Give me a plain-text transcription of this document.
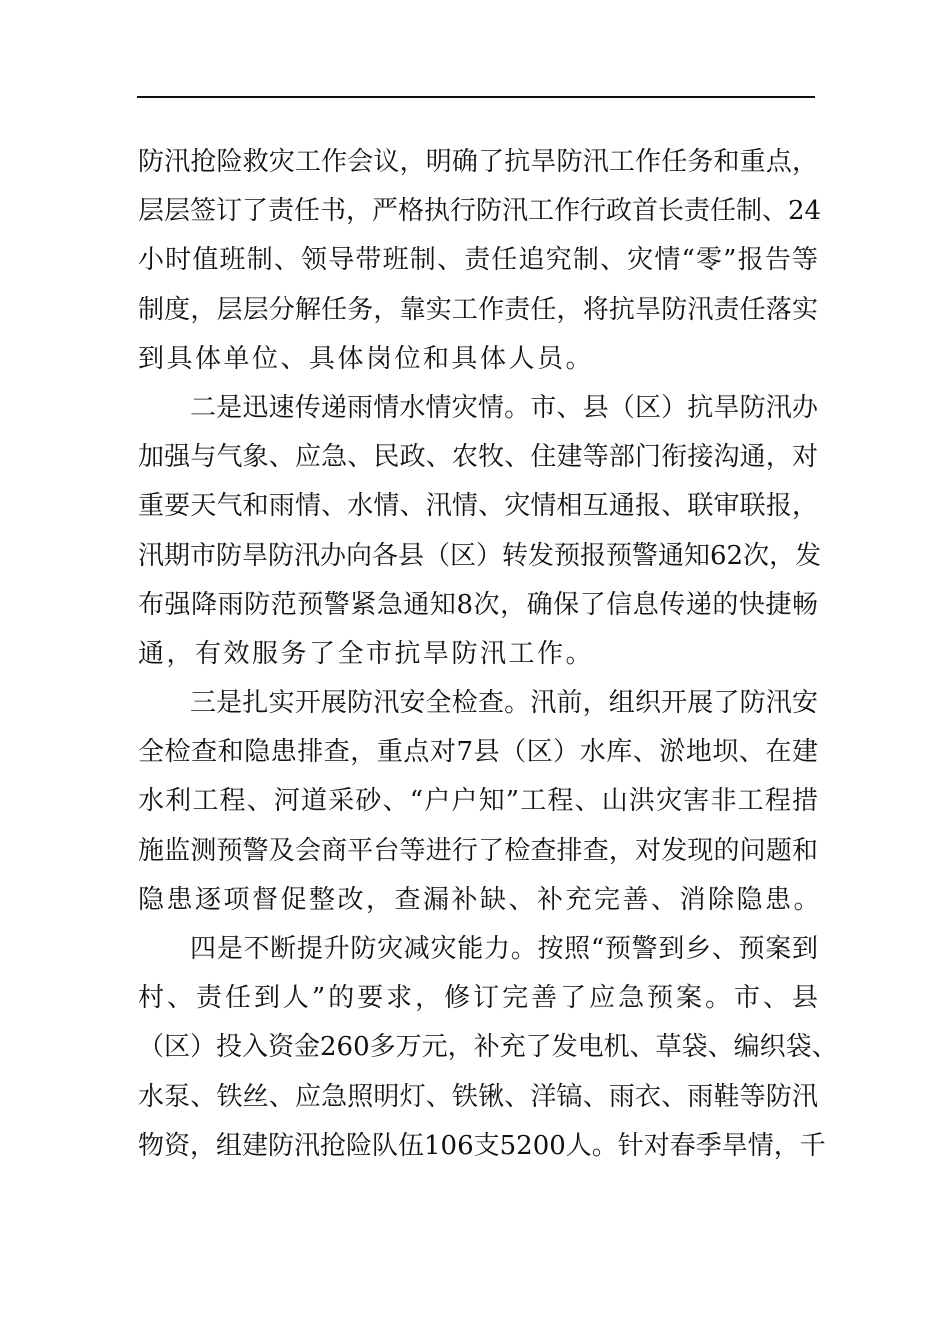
防汛抢险救灾工作会议，明确了抗旱防汛工作任务和重点，
层层签订了责任书，严格执行防汛工作行政首长责任制、24
小时值班制、领导带班制、责任追究制、灾情“零”报告等
制度，层层分解任务，靠实工作责任，将抗旱防汛责任落实
到具体单位、具体岗位和具体人员。
二是迅速传递雨情水情灾情。市、县（区）抗旱防汛办
加强与气象、应急、民政、农牧、住建等部门衔接沟通，对
重要天气和雨情、水情、汛情、灾情相互通报、联审联报，
汛期市防旱防汛办向各县（区）转发预报预警通知62次，发
布强降雨防范预警紧急通知8次，确保了信息传递的快捷畅
通，有效服务了全市抗旱防汛工作。
三是扎实开展防汛安全检查。汛前，组织开展了防汛安
全检查和隐患排查，重点对7县（区）水库、淤地坝、在建
水利工程、河道采砂、“户户知”工程、山洪灾害非工程措
施监测预警及会商平台等进行了检查排查，对发现的问题和
隐患逐项督促整改，查漏补缺、补充完善、消除隐患。
四是不断提升防灾减灾能力。按照“预警到乡、预案到
村、责任到人”的要求，修订完善了应急预案。市、县
（区）投入资金260多万元，补充了发电机、草袋、编织袋、
水泵、铁丝、应急照明灯、铁锹、洋镐、雨衣、雨鞋等防汛
物资，组建防汛抢险队伍106支5200人。针对春季旱情，千
